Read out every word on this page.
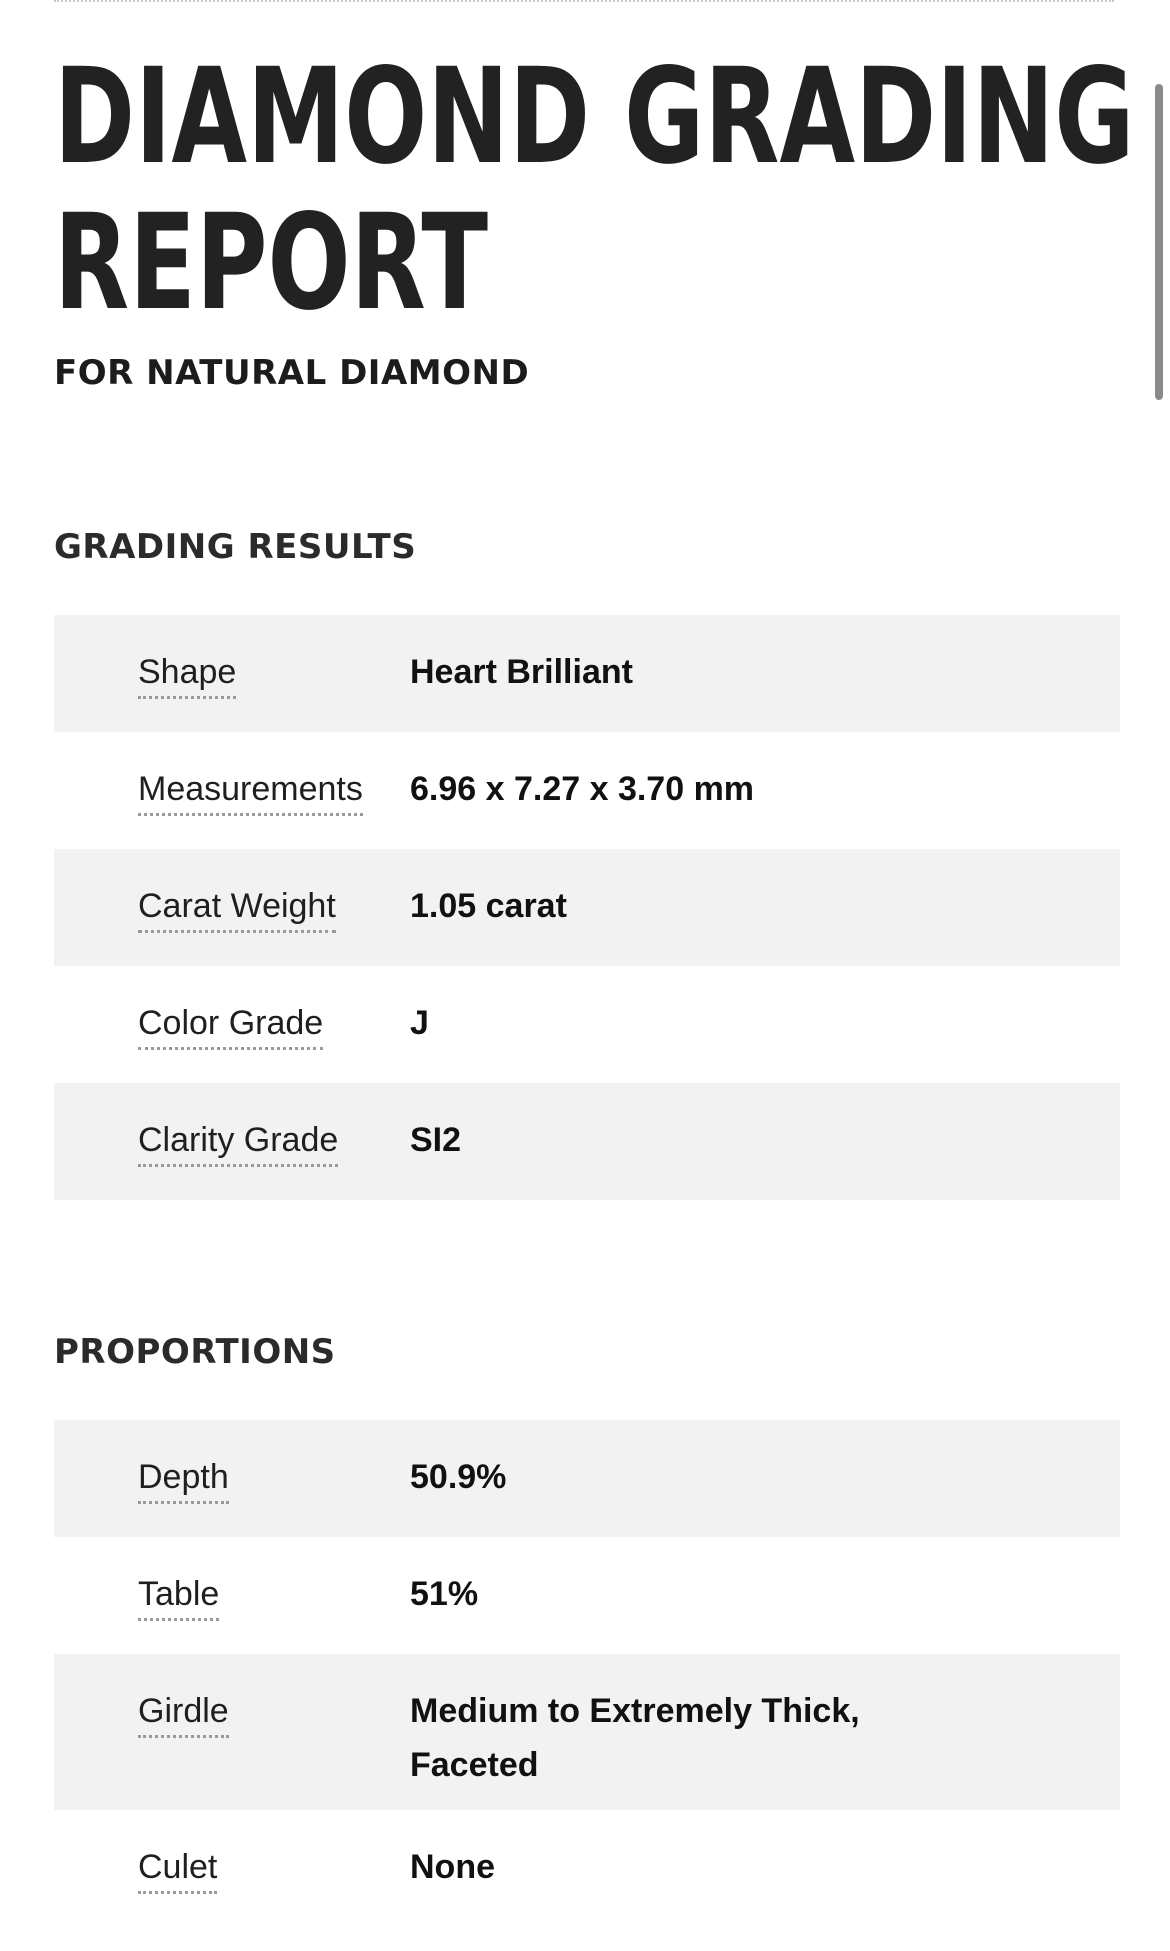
DIAMOND GRADING
REPORT
FOR NATURAL DIAMOND
GRADING RESULTS
Shape	Heart Brilliant
Measurements	6.96 x 7.27 x 3.70 mm
Carat Weight	1.05 carat
Color Grade	J
Clarity Grade	SI2
PROPORTIONS
Depth	50.9%
Table	51%
Girdle	Medium to Extremely Thick,
Faceted
Culet	None
